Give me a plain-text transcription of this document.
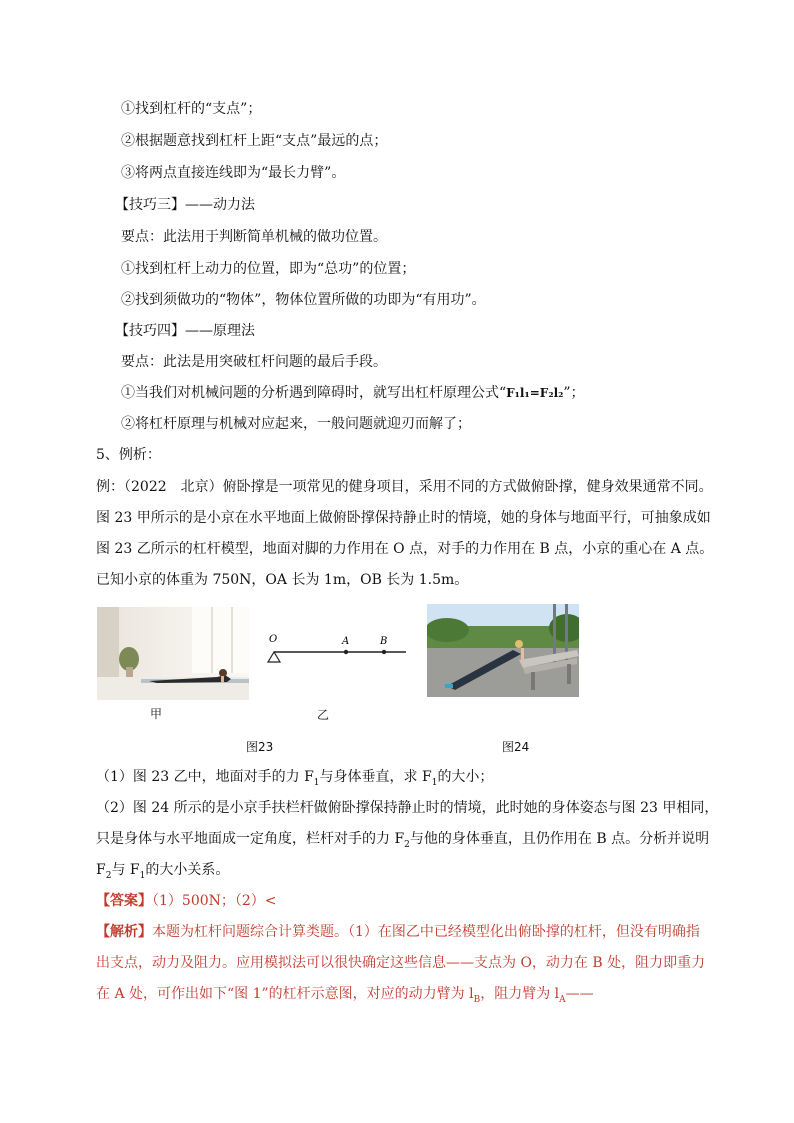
①找到杠杆的“支点”；
②根据题意找到杠杆上距“支点”最远的点；
③将两点直接连线即为“最长力臂”。
【技巧三】——动力法
要点：此法用于判断简单机械的做功位置。
①找到杠杆上动力的位置，即为“总功”的位置；
②找到须做功的“物体”，物体位置所做的功即为“有用功”。
【技巧四】——原理法
要点：此法是用突破杠杆问题的最后手段。
①当我们对机械问题的分析遇到障碍时，就写出杠杆原理公式“F₁l₁=F₂l₂”；
②将杠杆原理与机械对应起来，一般问题就迎刃而解了；
5、例析：
例：（2022　北京）俯卧撑是一项常见的健身项目，采用不同的方式做俯卧撑，健身效果通常不同。
图 23 甲所示的是小京在水平地面上做俯卧撑保持静止时的情境，她的身体与地面平行，可抽象成如
图 23 乙所示的杠杆模型，地面对脚的力作用在 O 点，对手的力作用在 B 点，小京的重心在 A 点。
已知小京的体重为 750N，OA 长为 1m，OB 长为 1.5m。
O	A	B
甲	乙
图23	图24
（1）图 23 乙中，地面对手的力 $F_1$与身体垂直，求 $F_1$的大小；
（2）图 24 所示的是小京手扶栏杆做俯卧撑保持静止时的情境，此时她的身体姿态与图 23 甲相同，
只是身体与水平地面成一定角度，栏杆对手的力 $F_2$与他的身体垂直，且仍作用在 B 点。分析并说明
$F_2$与 $F_1$的大小关系。
【答案】（1）500N；（2）<
【解析】本题为杠杆问题综合计算类题。（1）在图乙中已经模型化出俯卧撑的杠杆，但没有明确指
出支点，动力及阻力。应用模拟法可以很快确定这些信息——支点为 O，动力在 B 处，阻力即重力
在 A 处，可作出如下“图 1”的杠杆示意图，对应的动力臂为 $l_B$，阻力臂为 $l_A——$
